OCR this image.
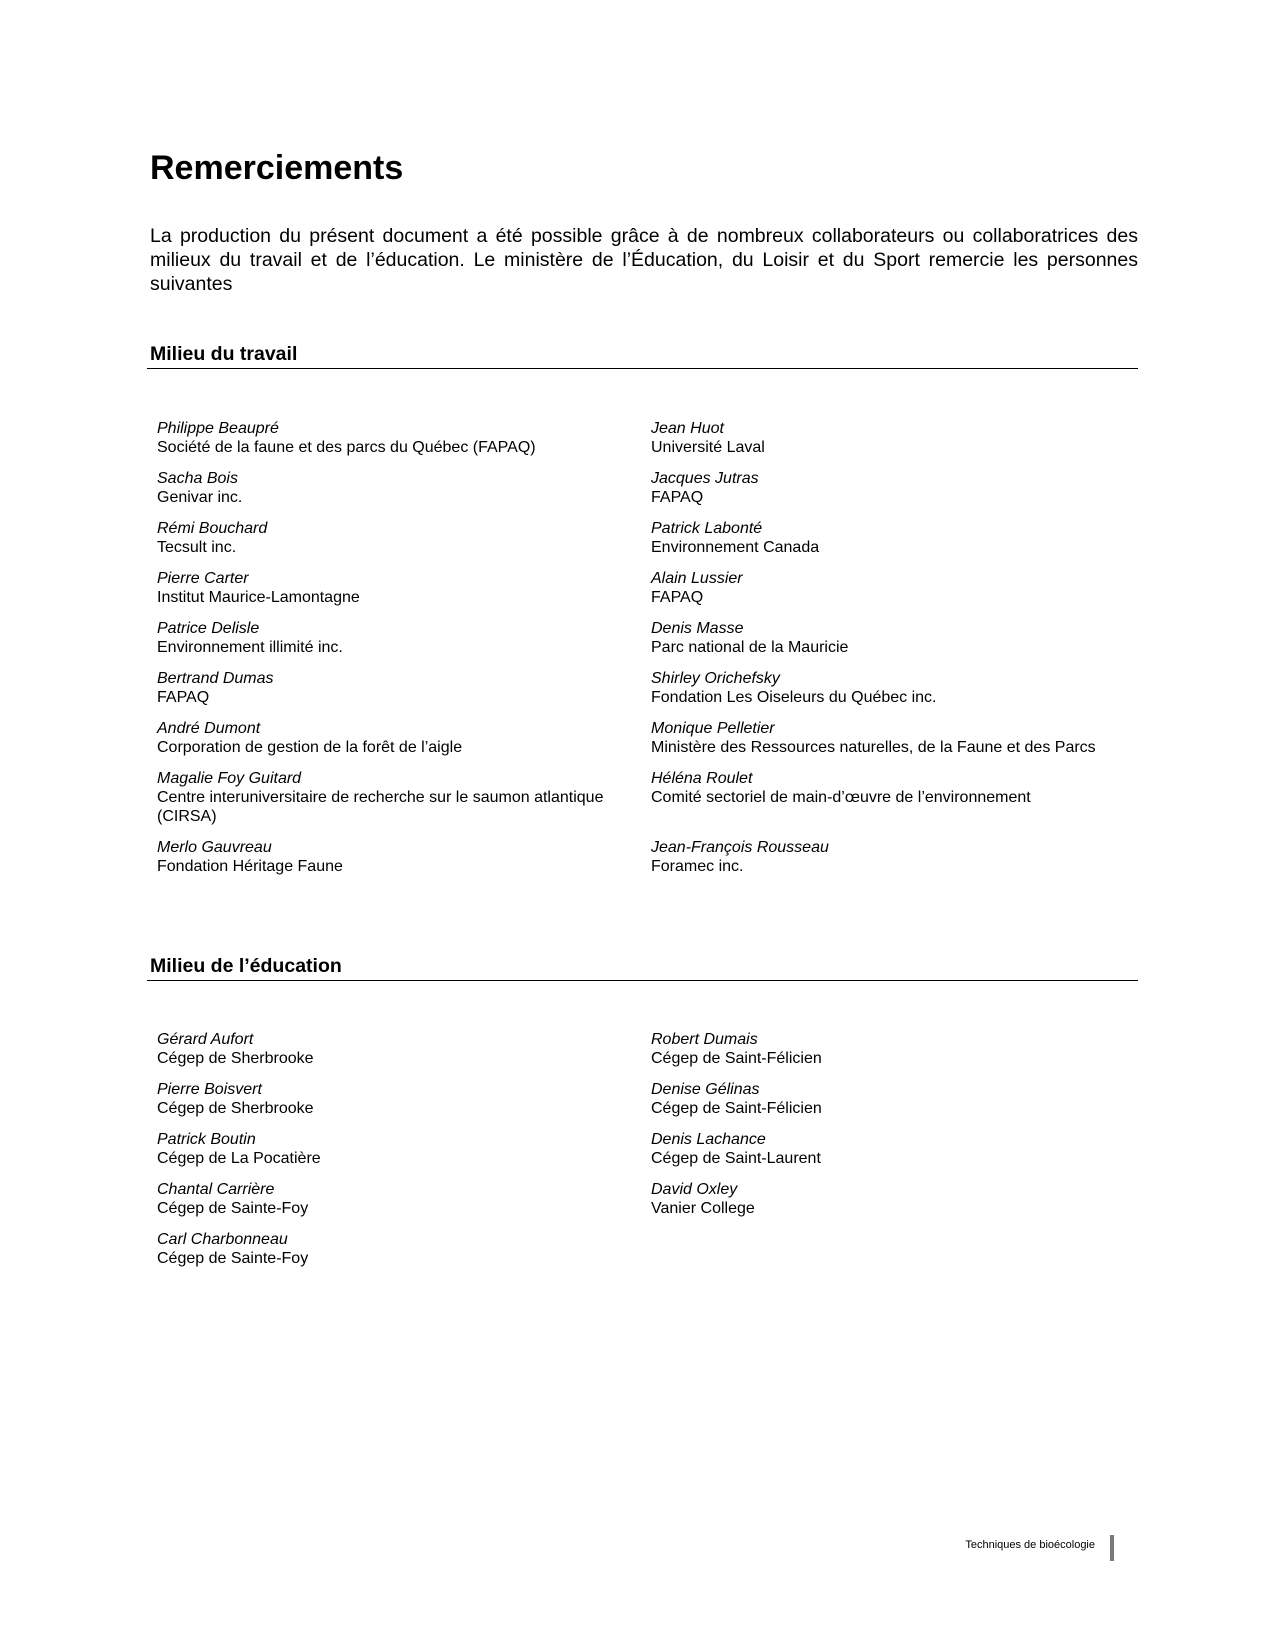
Remerciements

La production du présent document a été possible grâce à de nombreux collaborateurs ou collaboratrices des milieux du travail et de l’éducation. Le ministère de l’Éducation, du Loisir et du Sport remercie les personnes suivantes

Milieu du travail
Philippe Beaupré
Société de la faune et des parcs du Québec (FAPAQ)
Sacha Bois
Genivar inc.
Rémi Bouchard
Tecsult inc.
Pierre Carter
Institut Maurice-Lamontagne
Patrice Delisle
Environnement illimité inc.
Bertrand Dumas
FAPAQ
André Dumont
Corporation de gestion de la forêt de l’aigle
Magalie Foy Guitard
Centre interuniversitaire de recherche sur le saumon atlantique (CIRSA)
Merlo Gauvreau
Fondation Héritage Faune
Jean Huot
Université Laval
Jacques Jutras
FAPAQ
Patrick Labonté
Environnement Canada
Alain Lussier
FAPAQ
Denis Masse
Parc national de la Mauricie
Shirley Orichefsky
Fondation Les Oiseleurs du Québec inc.
Monique Pelletier
Ministère des Ressources naturelles, de la Faune et des Parcs
Héléna Roulet
Comité sectoriel de main-d’œuvre de l’environnement
Jean-François Rousseau
Foramec inc.
Milieu de l’éducation
Gérard Aufort
Cégep de Sherbrooke
Pierre Boisvert
Cégep de Sherbrooke
Patrick Boutin
Cégep de La Pocatière
Chantal Carrière
Cégep de Sainte-Foy
Carl Charbonneau
Cégep de Sainte-Foy
Robert Dumais
Cégep de Saint-Félicien
Denise Gélinas
Cégep de Saint-Félicien
Denis Lachance
Cégep de Saint-Laurent
David Oxley
Vanier College
Techniques de bioécologie
